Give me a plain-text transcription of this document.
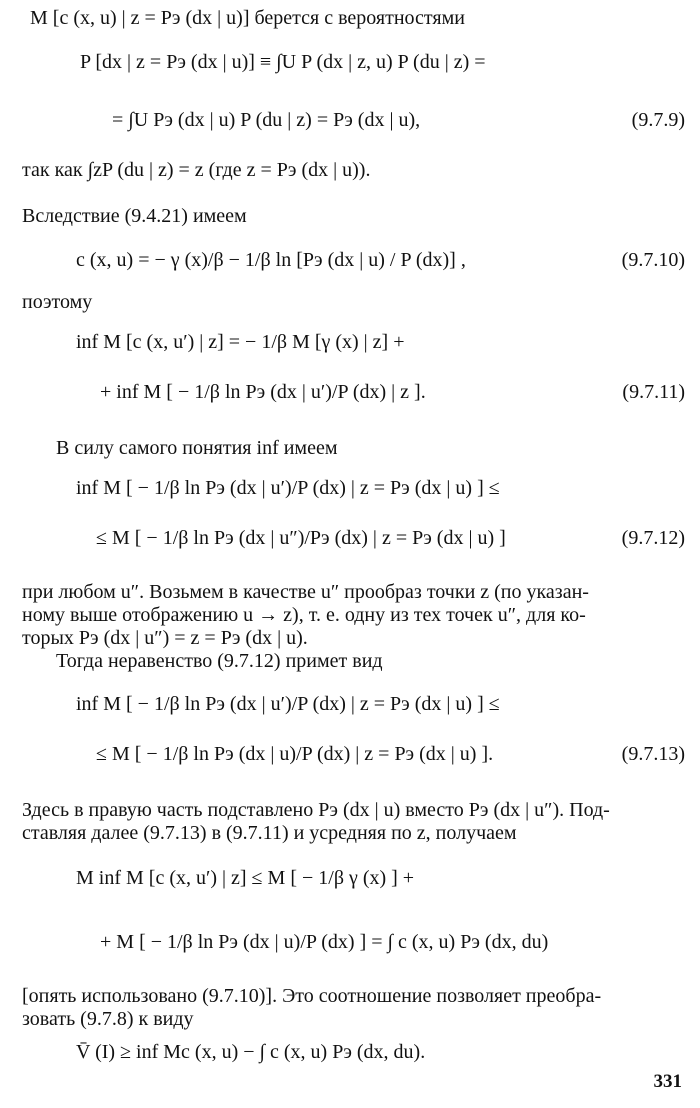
M [c (x, u) | z = Pэ (dx | u)] берется с вероятностями
P [dx | z = Pэ (dx | u)] ≡ ∫U P (dx | z, u) P (du | z) =
= ∫U Pэ (dx | u) P (du | z) = Pэ (dx | u),	(9.7.9)
так как ∫zP (du | z) = z (где z = Pэ (dx | u)).
Вследствие (9.4.21) имеем
c (x, u) = − γ (x)/β − 1/β ln [Pэ (dx | u) / P (dx)] ,	(9.7.10)
поэтому
inf M [c (x, u′) | z] = − 1/β M [γ (x) | z] +
+ inf M [ − 1/β ln Pэ (dx | u′)/P (dx) | z ].	(9.7.11)
В силу самого понятия inf имеем
inf M [ − 1/β ln Pэ (dx | u′)/P (dx) | z = Pэ (dx | u) ] ≤
≤ M [ − 1/β ln Pэ (dx | u″)/Pэ (dx) | z = Pэ (dx | u) ]	(9.7.12)
при любом u″. Возьмем в качестве u″ прообраз точки z (по указан-
ному выше отображению u → z), т. е. одну из тех точек u″, для ко-
торых Pэ (dx | u″) = z = Pэ (dx | u).
Тогда неравенство (9.7.12) примет вид
inf M [ − 1/β ln Pэ (dx | u′)/P (dx) | z = Pэ (dx | u) ] ≤
≤ M [ − 1/β ln Pэ (dx | u)/P (dx) | z = Pэ (dx | u) ].	(9.7.13)
Здесь в правую часть подставлено Pэ (dx | u) вместо Pэ (dx | u″). Под-
ставляя далее (9.7.13) в (9.7.11) и усредняя по z, получаем
M inf M [c (x, u′) | z] ≤ M [ − 1/β γ (x) ] +
+ M [ − 1/β ln Pэ (dx | u)/P (dx) ] = ∫ c (x, u) Pэ (dx, du)
[опять использовано (9.7.10)]. Это соотношение позволяет преобра-
зовать (9.7.8) к виду
V̄ (I) ≥ inf Mc (x, u) − ∫ c (x, u) Pэ (dx, du).
331
